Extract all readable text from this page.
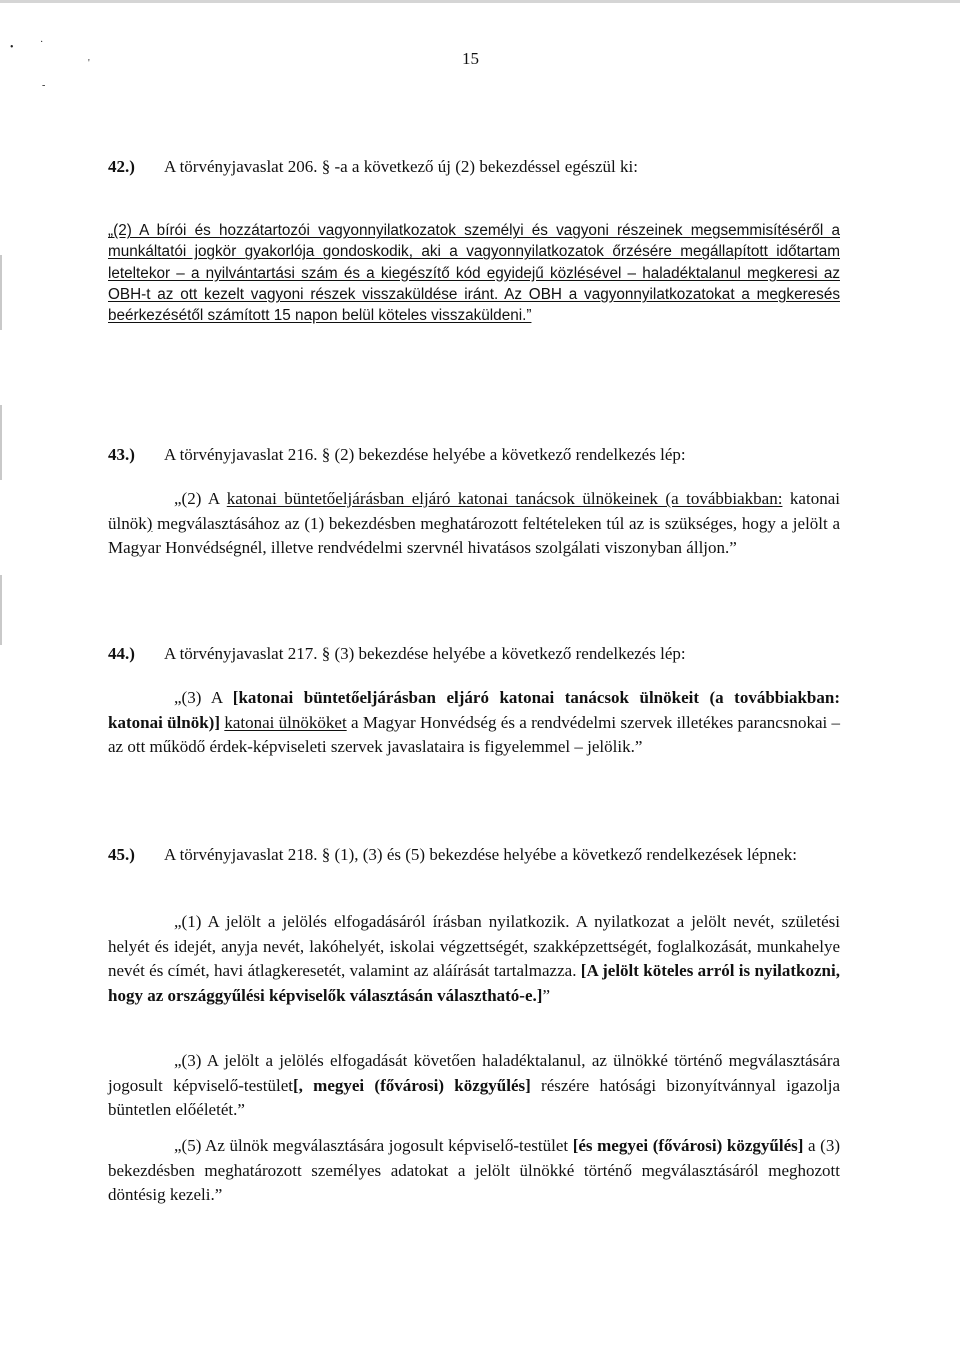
•	·
'
-
15
42.) A törvényjavaslat 206. § -a a következő új (2) bekezdéssel egészül ki:
„(2) A bírói és hozzátartozói vagyonnyilatkozatok személyi és vagyoni részeinek megsemmisítéséről a munkáltatói jogkör gyakorlója gondoskodik, aki a vagyonnyilatkozatok őrzésére megállapított időtartam leteltekor – a nyilvántartási szám és a kiegészítő kód egyidejű közlésével – haladéktalanul megkeresi az OBH-t az ott kezelt vagyoni részek visszaküldése iránt. Az OBH a vagyonnyilatkozatokat a megkeresés beérkezésétől számított 15 napon belül köteles visszaküldeni.”
43.) A törvényjavaslat 216. § (2) bekezdése helyébe a következő rendelkezés lép:
„(2) A katonai büntetőeljárásban eljáró katonai tanácsok ülnökeinek (a továbbiakban: katonai ülnök) megválasztásához az (1) bekezdésben meghatározott feltételeken túl az is szükséges, hogy a jelölt a Magyar Honvédségnél, illetve rendvédelmi szervnél hivatásos szolgálati viszonyban álljon.”
44.) A törvényjavaslat 217. § (3) bekezdése helyébe a következő rendelkezés lép:
„(3) A [katonai büntetőeljárásban eljáró katonai tanácsok ülnökeit (a továbbiakban: katonai ülnök)] katonai ülnököket a Magyar Honvédség és a rendvédelmi szervek illetékes parancsnokai – az ott működő érdek-képviseleti szervek javaslataira is figyelemmel – jelölik.”
45.) A törvényjavaslat 218. § (1), (3) és (5) bekezdése helyébe a következő rendelkezések lépnek:
„(1) A jelölt a jelölés elfogadásáról írásban nyilatkozik. A nyilatkozat a jelölt nevét, születési helyét és idejét, anyja nevét, lakóhelyét, iskolai végzettségét, szakképzettségét, foglalkozását, munkahelye nevét és címét, havi átlagkeresetét, valamint az aláírását tartalmazza. [A jelölt köteles arról is nyilatkozni, hogy az országgyűlési képviselők választásán választható-e.]”
„(3) A jelölt a jelölés elfogadását követően haladéktalanul, az ülnökké történő megválasztására jogosult képviselő-testület[, megyei (fővárosi) közgyűlés] részére hatósági bizonyítvánnyal igazolja büntetlen előéletét.”
„(5) Az ülnök megválasztására jogosult képviselő-testület [és megyei (fővárosi) közgyűlés] a (3) bekezdésben meghatározott személyes adatokat a jelölt ülnökké történő megválasztásáról meghozott döntésig kezeli.”
